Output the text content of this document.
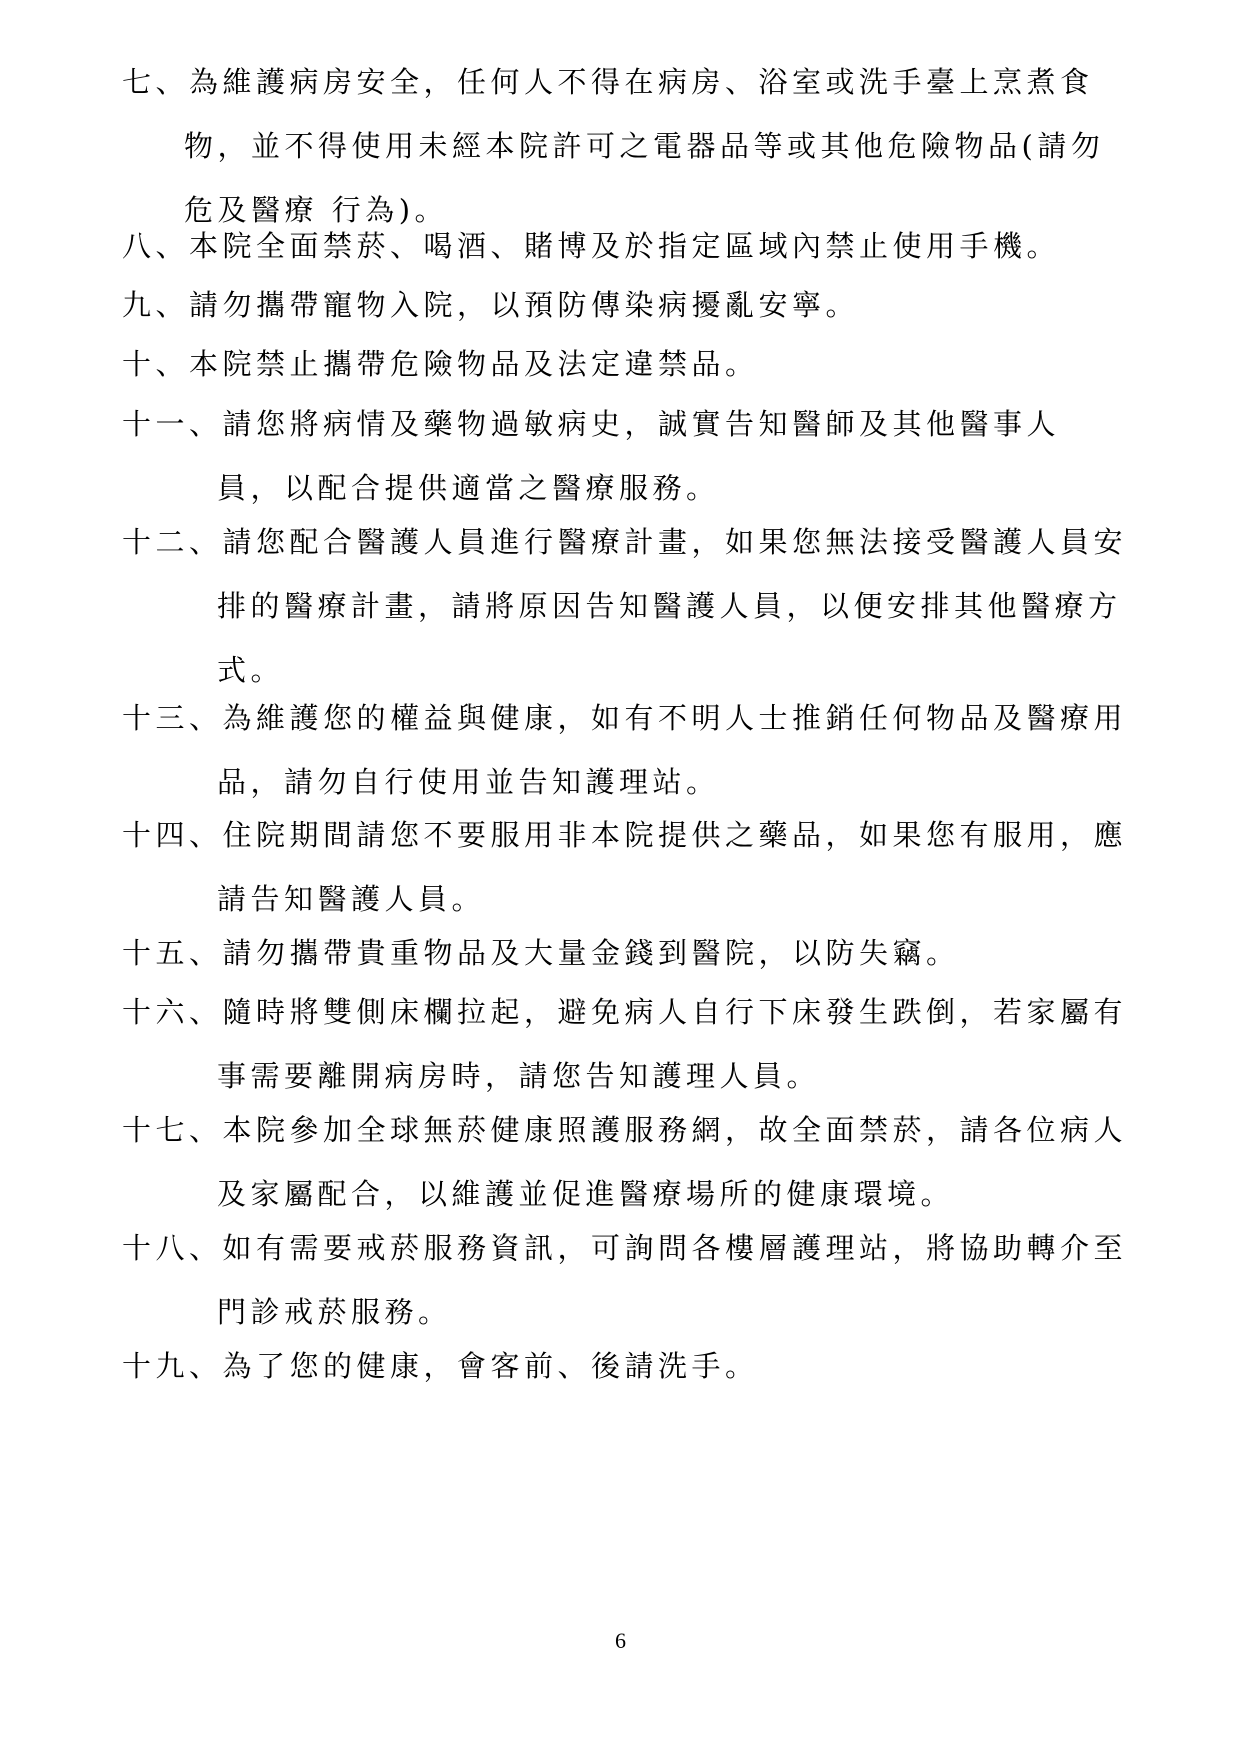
七、為維護病房安全，任何人不得在病房、浴室或洗手臺上烹煮食
物，並不得使用未經本院許可之電器品等或其他危險物品(請勿
危及醫療 行為)。
八、本院全面禁菸、喝酒、賭博及於指定區域內禁止使用手機。
九、請勿攜帶寵物入院，以預防傳染病擾亂安寧。
十、本院禁止攜帶危險物品及法定違禁品。
十一、請您將病情及藥物過敏病史，誠實告知醫師及其他醫事人
員，以配合提供適當之醫療服務。
十二、請您配合醫護人員進行醫療計畫，如果您無法接受醫護人員安
排的醫療計畫，請將原因告知醫護人員，以便安排其他醫療方
式。
十三、為維護您的權益與健康，如有不明人士推銷任何物品及醫療用
品，請勿自行使用並告知護理站。
十四、住院期間請您不要服用非本院提供之藥品，如果您有服用，應
請告知醫護人員。
十五、請勿攜帶貴重物品及大量金錢到醫院，以防失竊。
十六、隨時將雙側床欄拉起，避免病人自行下床發生跌倒，若家屬有
事需要離開病房時，請您告知護理人員。
十七、本院參加全球無菸健康照護服務網，故全面禁菸，請各位病人
及家屬配合，以維護並促進醫療場所的健康環境。
十八、如有需要戒菸服務資訊，可詢問各樓層護理站，將協助轉介至
門診戒菸服務。
十九、為了您的健康，會客前、後請洗手。
6
